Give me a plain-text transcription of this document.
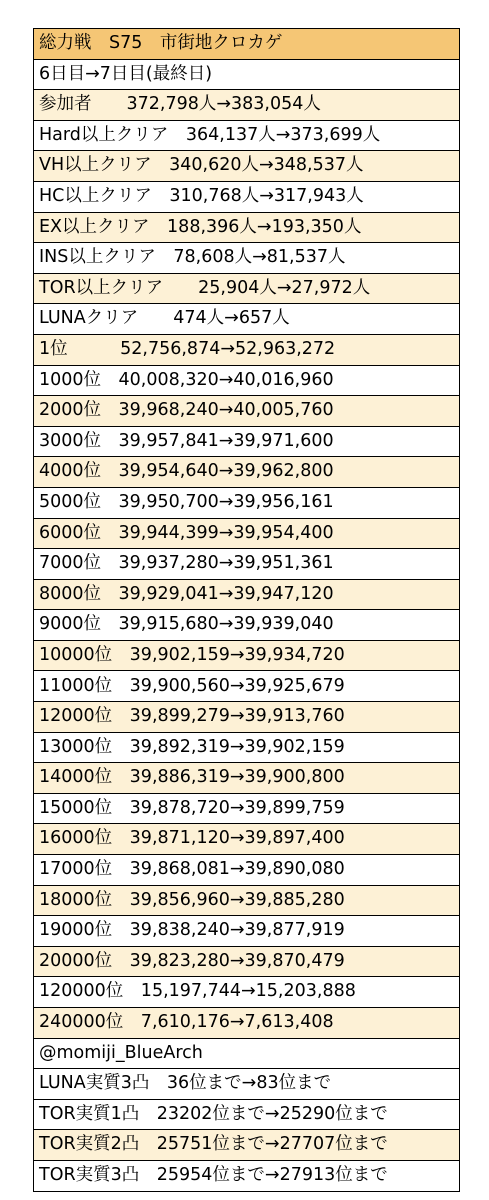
総力戦　S75　市街地クロカゲ
6日目→7日目(最終日)
参加者　　372,798人→383,054人
Hard以上クリア　364,137人→373,699人
VH以上クリア　340,620人→348,537人
HC以上クリア　310,768人→317,943人
EX以上クリア　188,396人→193,350人
INS以上クリア　78,608人→81,537人
TOR以上クリア　　25,904人→27,972人
LUNAクリア　　474人→657人
1位　　　52,756,874→52,963,272
1000位　40,008,320→40,016,960
2000位　39,968,240→40,005,760
3000位　39,957,841→39,971,600
4000位　39,954,640→39,962,800
5000位　39,950,700→39,956,161
6000位　39,944,399→39,954,400
7000位　39,937,280→39,951,361
8000位　39,929,041→39,947,120
9000位　39,915,680→39,939,040
10000位　39,902,159→39,934,720
11000位　39,900,560→39,925,679
12000位　39,899,279→39,913,760
13000位　39,892,319→39,902,159
14000位　39,886,319→39,900,800
15000位　39,878,720→39,899,759
16000位　39,871,120→39,897,400
17000位　39,868,081→39,890,080
18000位　39,856,960→39,885,280
19000位　39,838,240→39,877,919
20000位　39,823,280→39,870,479
120000位　15,197,744→15,203,888
240000位　7,610,176→7,613,408
@momiji_BlueArch
LUNA実質3凸　36位まで→83位まで
TOR実質1凸　23202位まで→25290位まで
TOR実質2凸　25751位まで→27707位まで
TOR実質3凸　25954位まで→27913位まで
